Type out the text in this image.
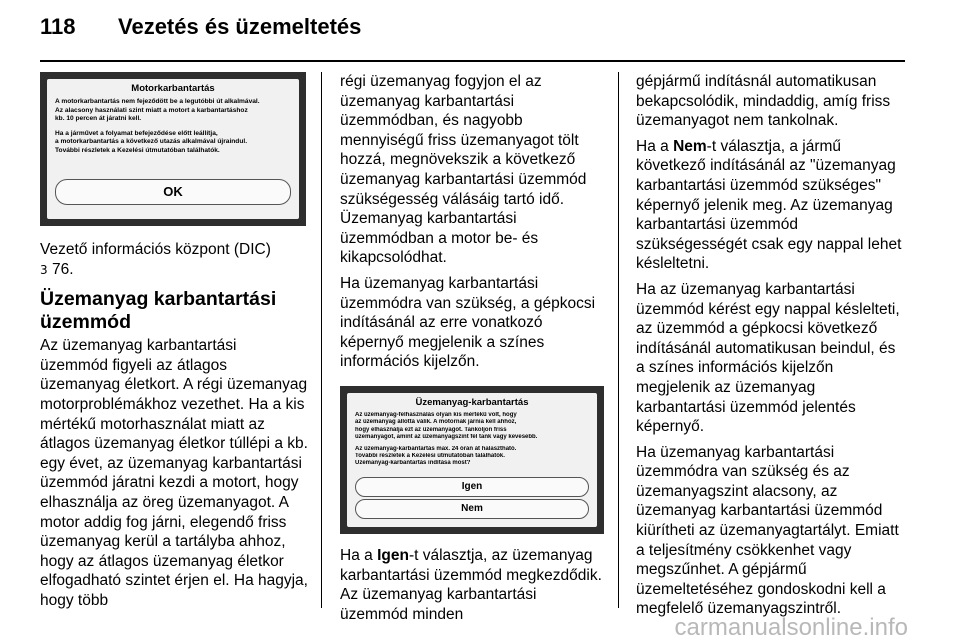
118 Vezetés és üzemeltetés
Motorkarbantartás
A motorkarbantartás nem fejeződött be a legutóbbi út alkalmával.
Az alacsony használati szint miatt a motort a karbantartáshoz
kb. 10 percen át járatni kell.
Ha a járművet a folyamat befejeződése előtt leállítja,
a motorkarbantartás a következő utazás alkalmával újraindul.
További részletek a Kezelési útmutatóban találhatók.
OK

Vezető információs központ (DIC)
3 76.

Üzemanyag karbantartási üzemmód

Az üzemanyag karbantartási üzemmód figyeli az átlagos üzemanyag életkort. A régi üzemanyag motorproblémákhoz vezethet. Ha a kis mértékű motorhasználat miatt az átlagos üzemanyag életkor túllépi a kb. egy évet, az üzemanyag karbantartási üzemmód járatni kezdi a motort, hogy elhasználja az öreg üzemanyagot. A motor addig fog járni, elegendő friss üzemanyag kerül a tartályba ahhoz, hogy az átlagos üzemanyag életkor elfogadható szintet érjen el. Ha hagyja, hogy több

régi üzemanyag fogyjon el az üzemanyag karbantartási üzemmódban, és nagyobb mennyiségű friss üzemanyagot tölt hozzá, megnövekszik a következő üzemanyag karbantartási üzemmód szükségesség válásáig tartó idő. Üzemanyag karbantartási üzemmódban a motor be- és kikapcsolódhat.

Ha üzemanyag karbantartási üzemmódra van szükség, a gépkocsi indításánál az erre vonatkozó képernyő megjelenik a színes információs kijelzőn.

Üzemanyag-karbantartás
Az üzemanyag-felhasználás olyan kis mértékű volt, hogy
az üzemanyag állottá válik. A motornak járnia kell ahhoz,
hogy elhasználja ezt az üzemanyagot. Tankoljon friss
üzemanyagot, amint az üzemanyagszint fél tank vagy kevesebb.
Az üzemanyag-karbantartás max. 24 órán át halasztható.
További részletek a Kezelési útmutatóban találhatók.
Üzemanyag-karbantartás indítása most?
Igen
Nem

Ha a Igen-t választja, az üzemanyag karbantartási üzemmód megkezdődik. Az üzemanyag karbantartási üzemmód minden

gépjármű indításnál automatikusan bekapcsolódik, mindaddig, amíg friss üzemanyagot nem tankolnak.

Ha a Nem-t választja, a jármű következő indításánál az "üzemanyag karbantartási üzemmód szükséges" képernyő jelenik meg. Az üzemanyag karbantartási üzemmód szükségességét csak egy nappal lehet késleltetni.

Ha az üzemanyag karbantartási üzemmód kérést egy nappal késlelteti, az üzemmód a gépkocsi következő indításánál automatikusan beindul, és a színes információs kijelzőn megjelenik az üzemanyag karbantartási üzemmód jelentés képernyő.

Ha üzemanyag karbantartási üzemmódra van szükség és az üzemanyagszint alacsony, az üzemanyag karbantartási üzemmód kiürítheti az üzemanyagtartályt. Emiatt a teljesítmény csökkenhet vagy megszűnhet. A gépjármű üzemeltetéséhez gondoskodni kell a megfelelő üzemanyagszintről.

carmanualsonline.info
